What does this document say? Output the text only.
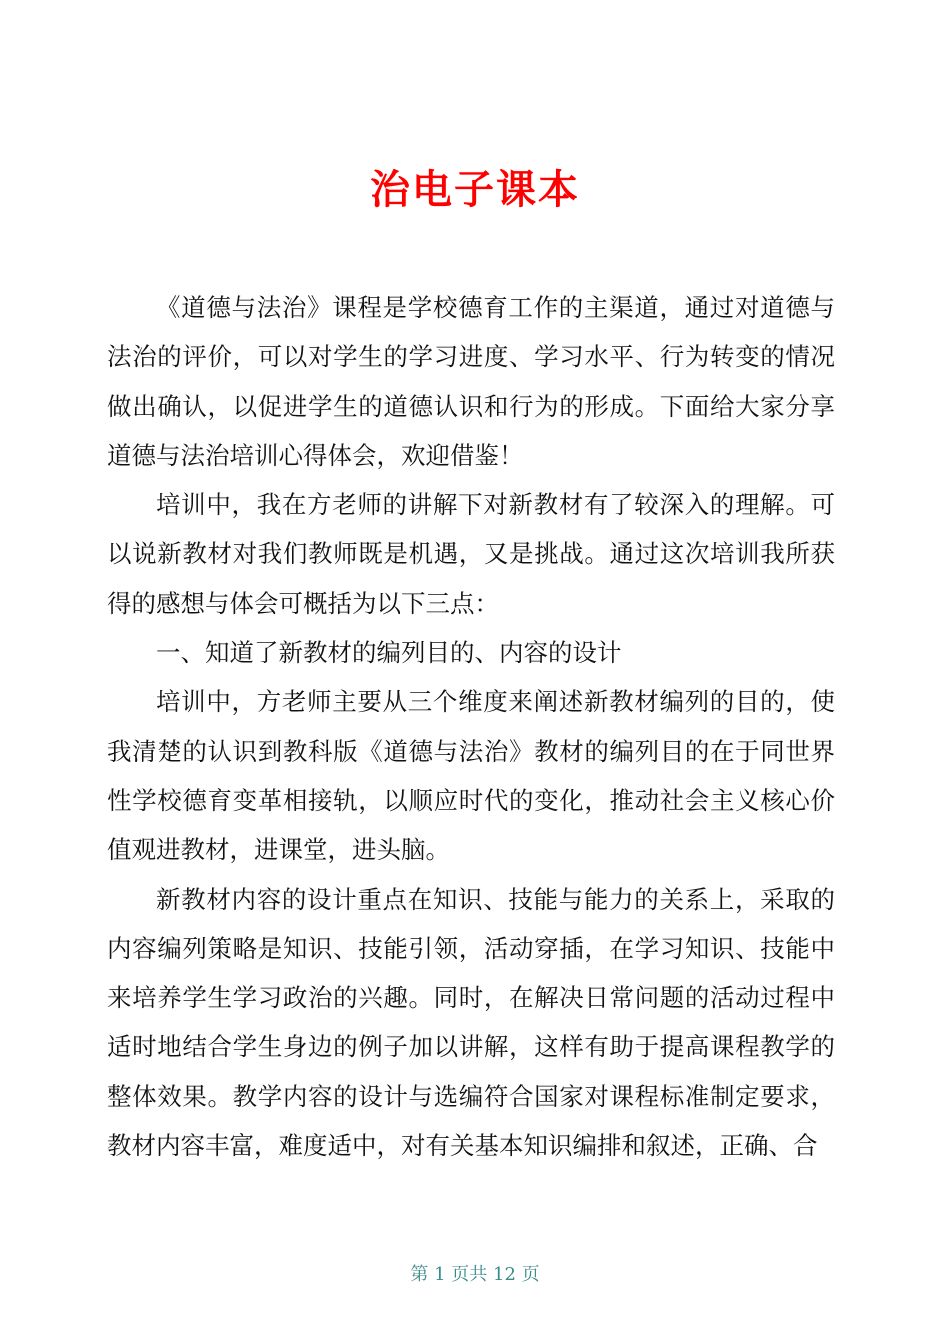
治电子课本

《道德与法治》课程是学校德育工作的主渠道，通过对道德与法治的评价，可以对学生的学习进度、学习水平、行为转变的情况做出确认，以促进学生的道德认识和行为的形成。下面给大家分享道德与法治培训心得体会，欢迎借鉴！

培训中，我在方老师的讲解下对新教材有了较深入的理解。可以说新教材对我们教师既是机遇，又是挑战。通过这次培训我所获得的感想与体会可概括为以下三点：

一、知道了新教材的编列目的、内容的设计

培训中，方老师主要从三个维度来阐述新教材编列的目的，使我清楚的认识到教科版《道德与法治》教材的编列目的在于同世界性学校德育变革相接轨，以顺应时代的变化，推动社会主义核心价值观进教材，进课堂，进头脑。

新教材内容的设计重点在知识、技能与能力的关系上，采取的内容编列策略是知识、技能引领，活动穿插，在学习知识、技能中来培养学生学习政治的兴趣。同时，在解决日常问题的活动过程中适时地结合学生身边的例子加以讲解，这样有助于提高课程教学的整体效果。教学内容的设计与选编符合国家对课程标准制定要求，教材内容丰富，难度适中，对有关基本知识编排和叙述，正确、合

第 1 页共 12 页
